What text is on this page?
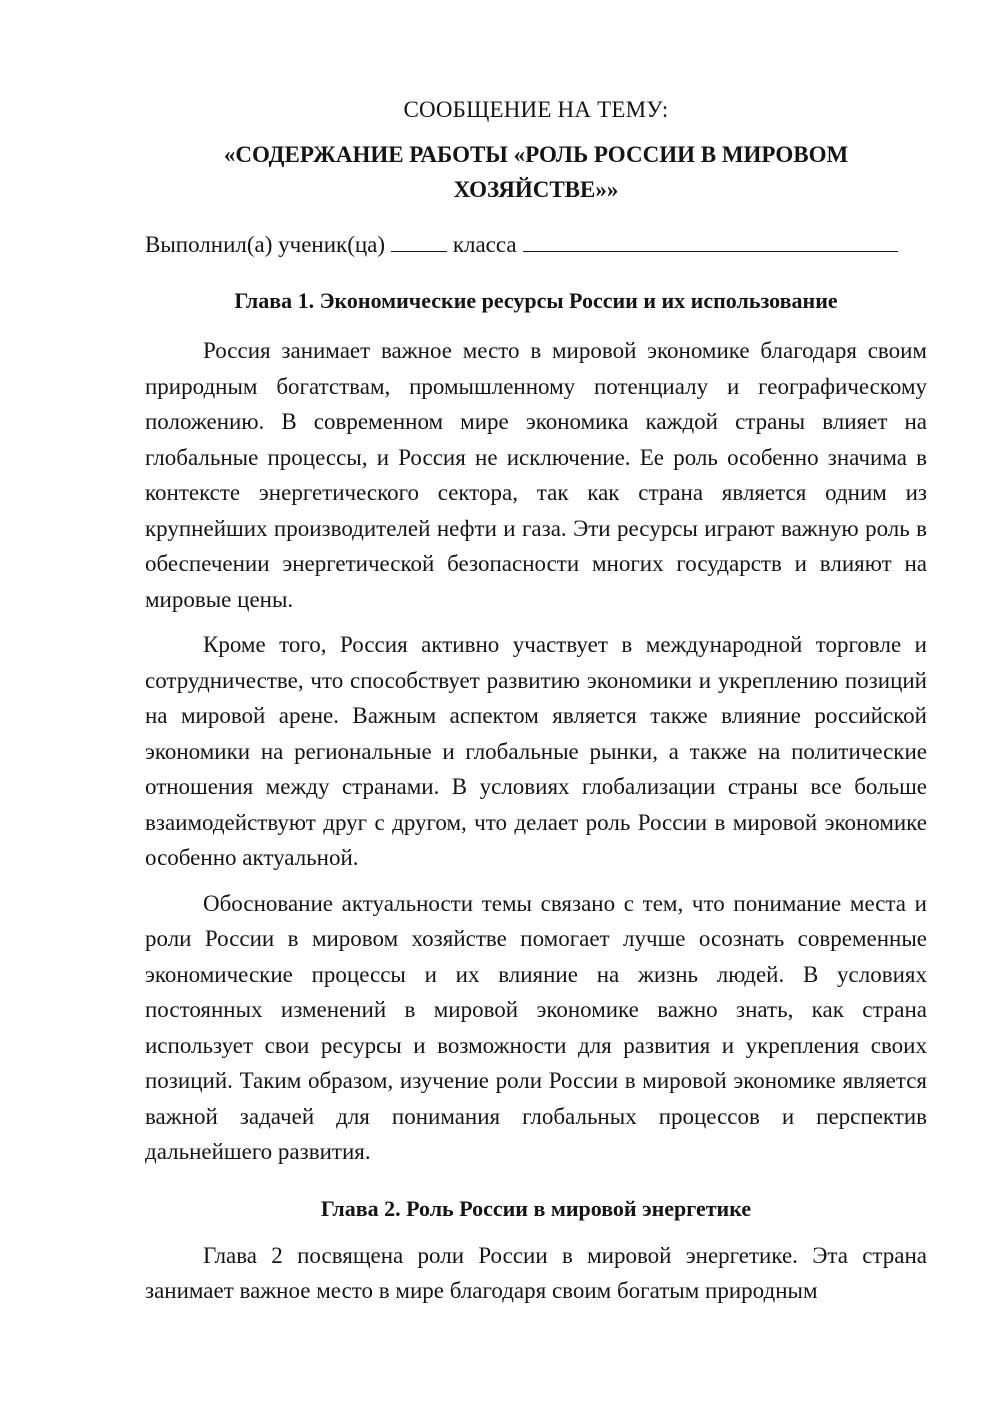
СООБЩЕНИЕ НА ТЕМУ:
«СОДЕРЖАНИЕ РАБОТЫ «РОЛЬ РОССИИ В МИРОВОМ
ХОЗЯЙСТВЕ»»
Выполнил(а) ученик(ца)	класса
Глава 1. Экономические ресурсы России и их использование

Россия занимает важное место в мировой экономике благодаря своим природным богатствам, промышленному потенциалу и географическому положению. В современном мире экономика каждой страны влияет на глобальные процессы, и Россия не исключение. Ее роль особенно значима в контексте энергетического сектора, так как страна является одним из крупнейших производителей нефти и газа. Эти ресурсы играют важную роль в обеспечении энергетической безопасности многих государств и влияют на мировые цены.

Кроме того, Россия активно участвует в международной торговле и сотрудничестве, что способствует развитию экономики и укреплению позиций на мировой арене. Важным аспектом является также влияние российской экономики на региональные и глобальные рынки, а также на политические отношения между странами. В условиях глобализации страны все больше взаимодействуют друг с другом, что делает роль России в мировой экономике особенно актуальной.

Обоснование актуальности темы связано с тем, что понимание места и роли России в мировом хозяйстве помогает лучше осознать современные экономические процессы и их влияние на жизнь людей. В условиях постоянных изменений в мировой экономике важно знать, как страна использует свои ресурсы и возможности для развития и укрепления своих позиций. Таким образом, изучение роли России в мировой экономике является важной задачей для понимания глобальных процессов и перспектив дальнейшего развития.

Глава 2. Роль России в мировой энергетике

Глава 2 посвящена роли России в мировой энергетике. Эта страна занимает важное место в мире благодаря своим богатым природным
